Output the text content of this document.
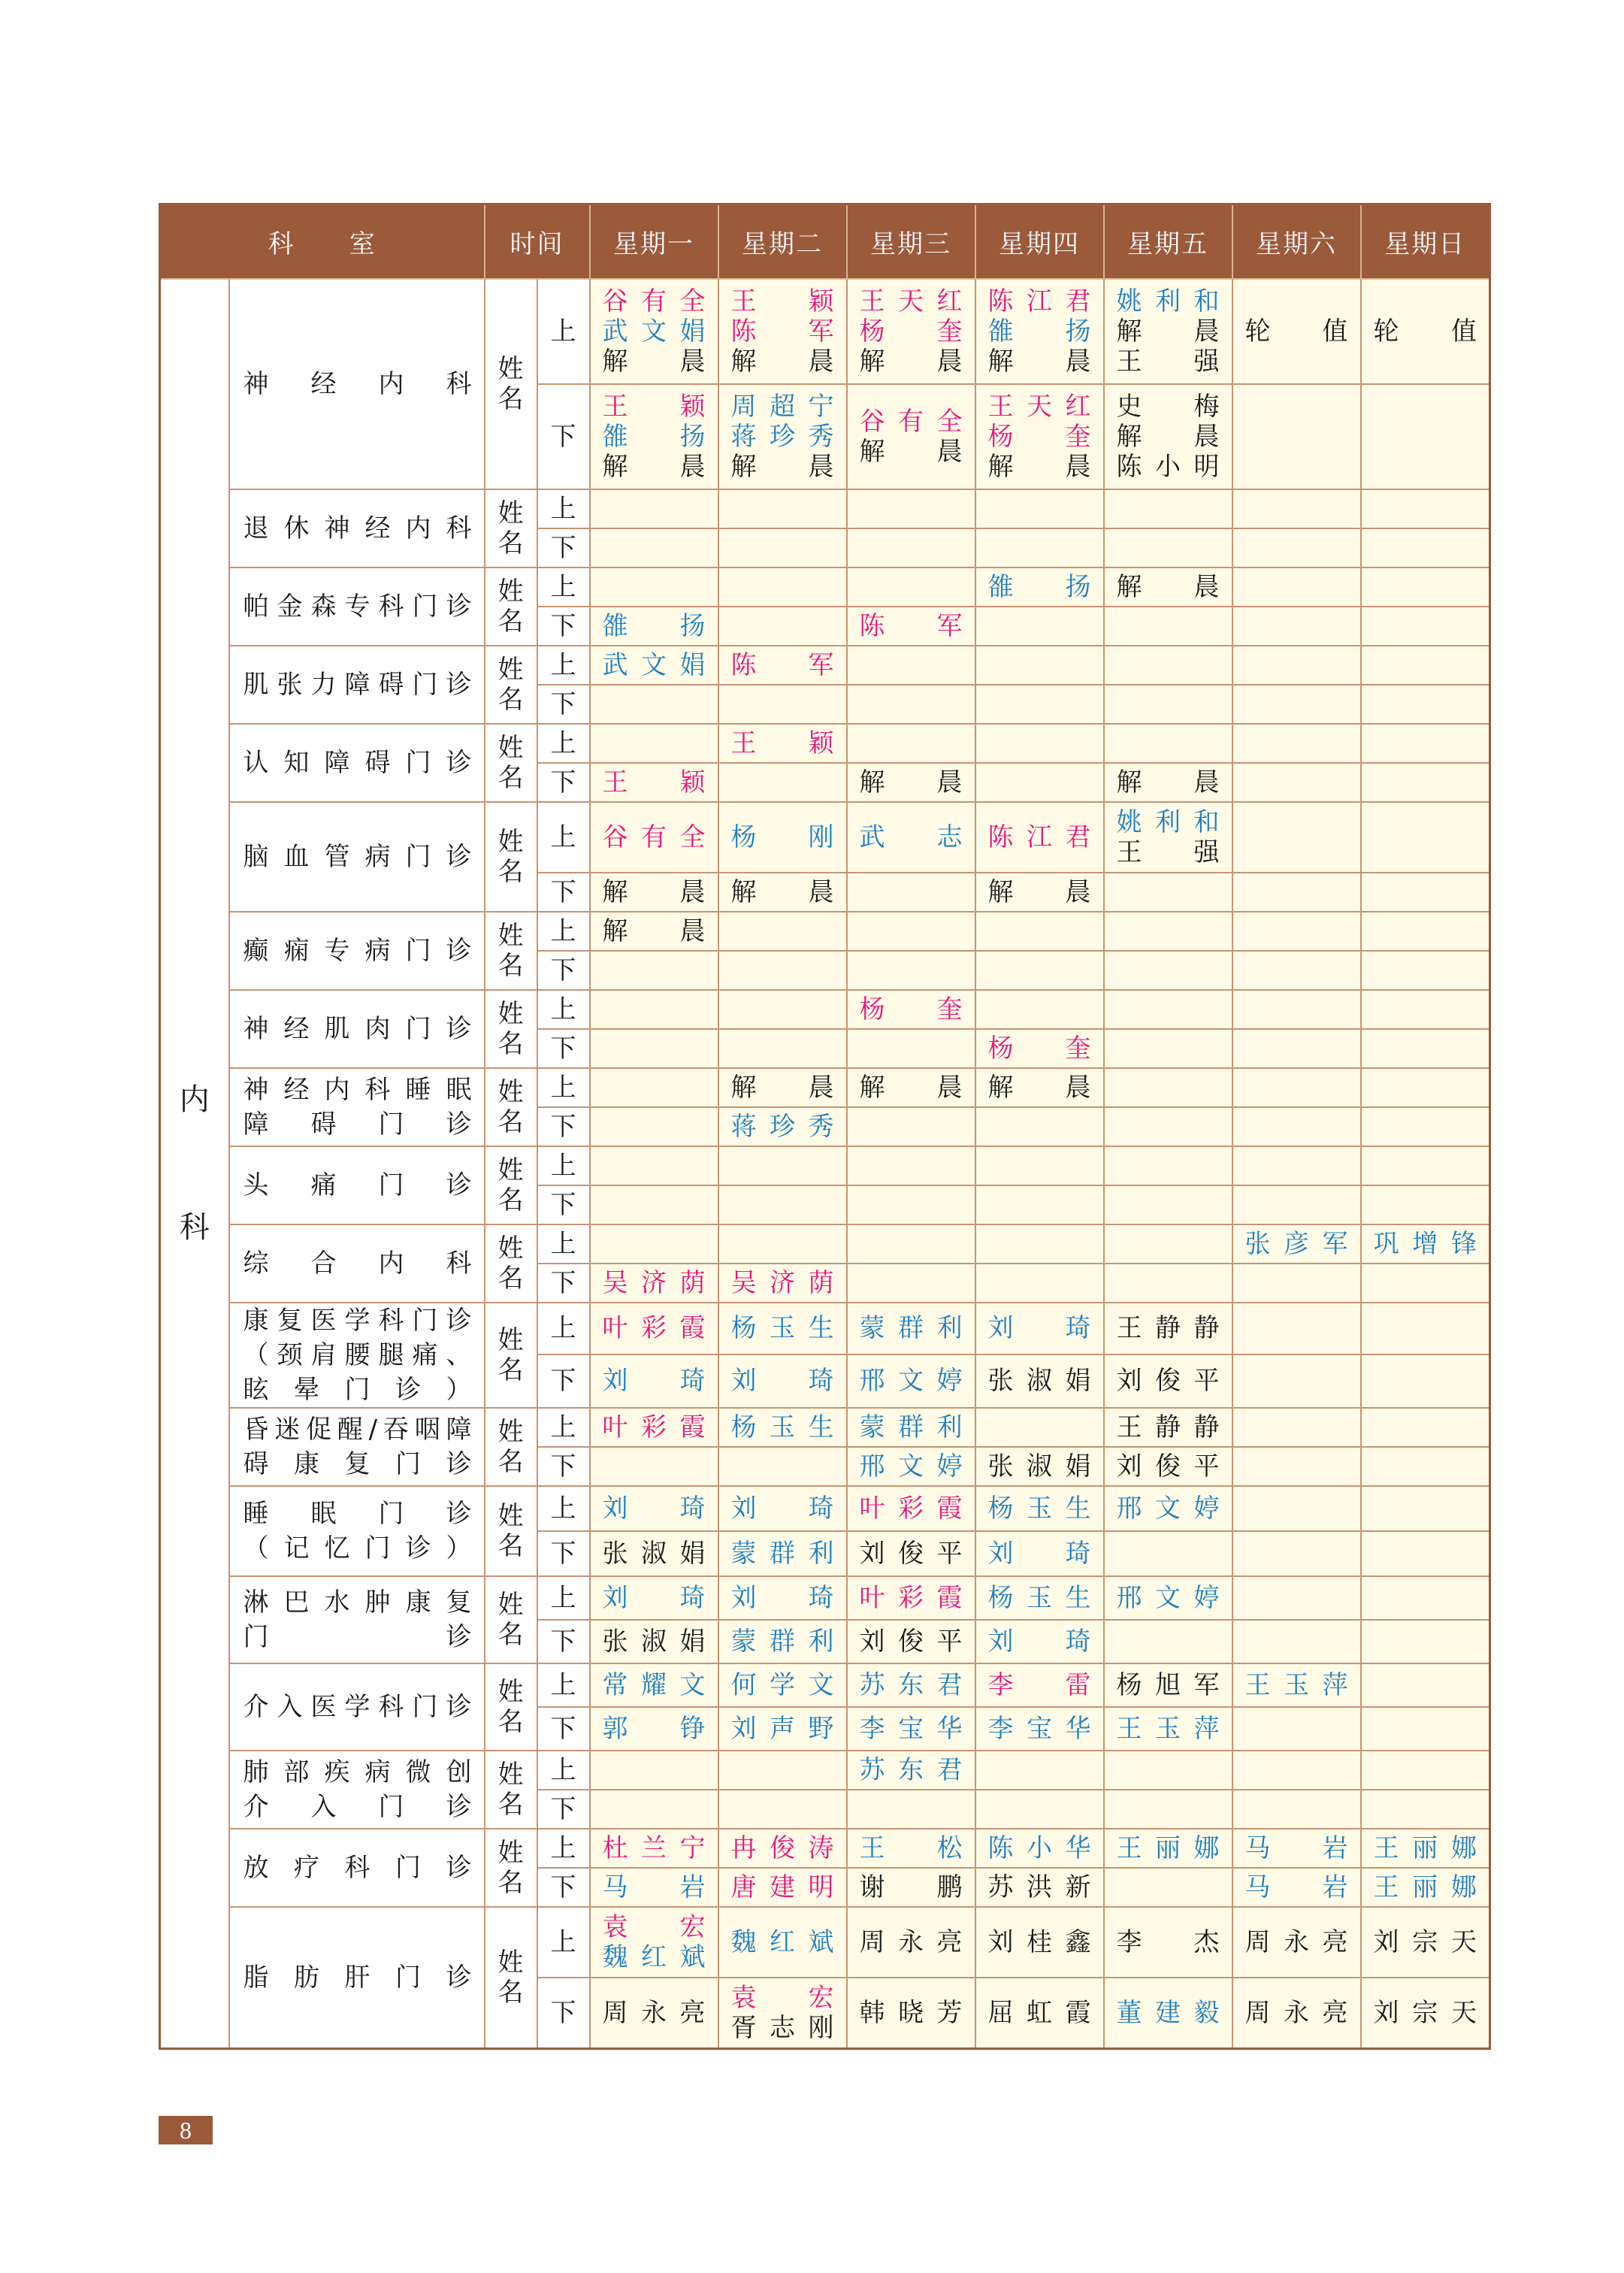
科　　室		时间		星期一	星期二	星期三	星期四	星期五	星期六	星期日

内科	神经内科	姓名	上	谷有全
武文娟
解晨	王颖
陈军
解晨	王天红
杨奎
解晨	陈江君
雒扬
解晨	姚利和
解晨
王强	轮值	轮值

			下	王颖
雒扬
解晨	周超宁
蒋珍秀
解晨	谷有全
解晨	王天红
杨奎
解晨	史梅
解晨
陈小明		

	退休神经内科	姓名	上							
			下							

	帕金森专科门诊	姓名	上				雒扬	解晨		

			下	雒扬		陈军				

	肌张力障碍门诊	姓名	上	武文娟	陈军					

			下							

	认知障碍门诊	姓名	上		王颖					

			下	王颖		解晨		解晨		

	脑血管病门诊	姓名	上	谷有全	杨刚	武志	陈江君	姚利和
王强		

			下	解晨	解晨		解晨			

	癫痫专病门诊	姓名	上	解晨						

			下							

	神经肌肉门诊	姓名	上			杨奎				

			下				杨奎			

	神经内科睡眠
障碍门诊	姓名	上		解晨	解晨	解晨			

			下		蒋珍秀					

	头痛门诊	姓名	上							
			下							

	综合内科	姓名	上						张彦军	巩增锋

			下	吴济荫	吴济荫					

	康复医学科门诊
（颈肩腰腿痛、
眩晕门诊）	姓名	上	叶彩霞	杨玉生	蒙群利	刘琦	王静静		

			下	刘琦	刘琦	邢文婷	张淑娟	刘俊平		

	昏迷促醒/吞咽障
碍康复门诊	姓名	上	叶彩霞	杨玉生	蒙群利		王静静		

			下			邢文婷	张淑娟	刘俊平		

	睡眠门诊
（记忆门诊）	姓名	上	刘琦	刘琦	叶彩霞	杨玉生	邢文婷		

			下	张淑娟	蒙群利	刘俊平	刘琦			

	淋巴水肿康复
门诊	姓名	上	刘琦	刘琦	叶彩霞	杨玉生	邢文婷		

			下	张淑娟	蒙群利	刘俊平	刘琦			

	介入医学科门诊	姓名	上	常耀文	何学文	苏东君	李雷	杨旭军	王玉萍	

			下	郭铮	刘声野	李宝华	李宝华	王玉萍		

	肺部疾病微创
介入门诊	姓名	上			苏东君				

			下							

	放疗科门诊	姓名	上	杜兰宁	冉俊涛	王松	陈小华	王丽娜	马岩	王丽娜

			下	马岩	唐建明	谢鹏	苏洪新		马岩	王丽娜

	脂肪肝门诊	姓名	上	袁宏
魏红斌	魏红斌	周永亮	刘桂鑫	李杰	周永亮	刘宗天

			下	周永亮	袁宏
胥志刚	韩晓芳	屈虹霞	董建毅	周永亮	刘宗天
8
